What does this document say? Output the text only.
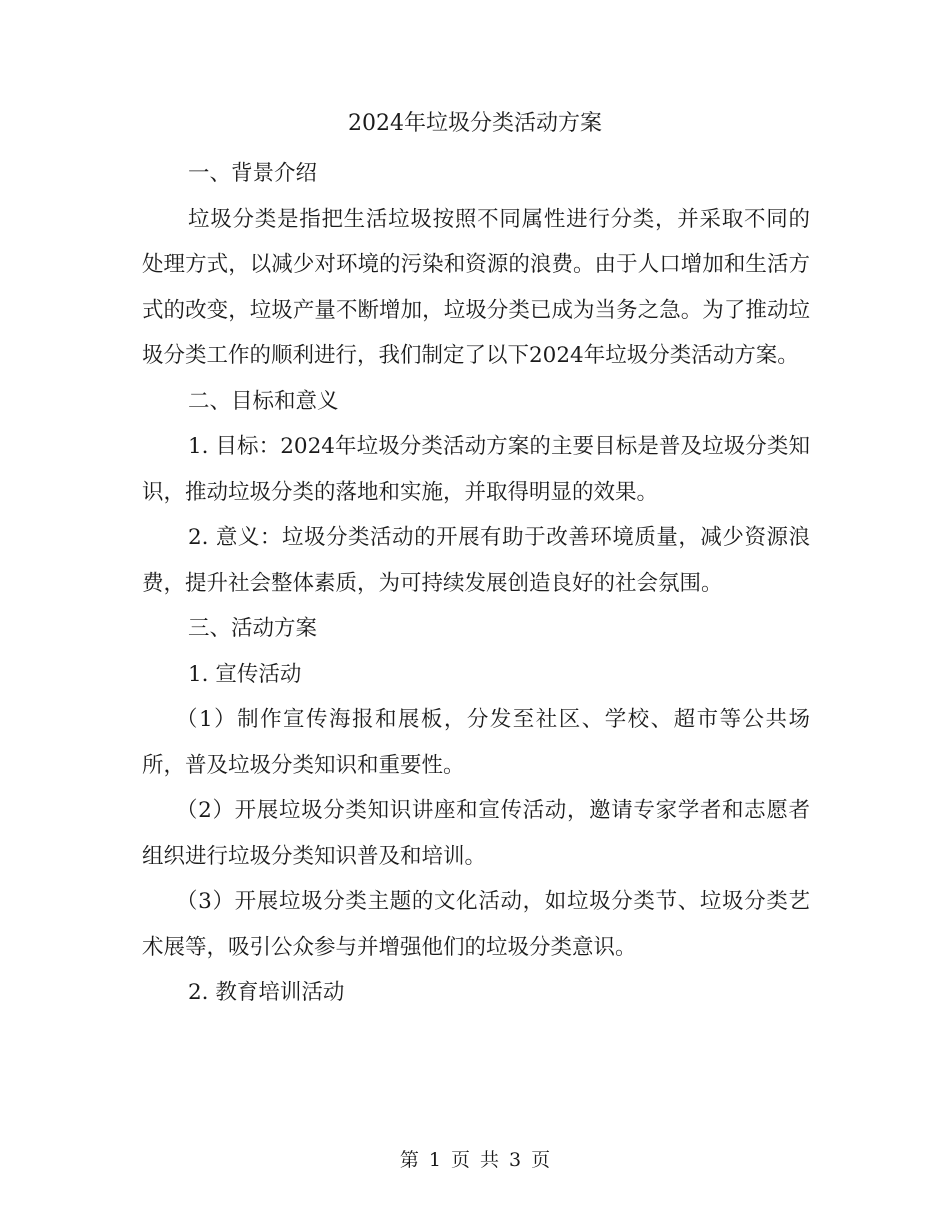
2024年垃圾分类活动方案

一、背景介绍

垃圾分类是指把生活垃圾按照不同属性进行分类，并采取不同的处理方式，以减少对环境的污染和资源的浪费。由于人口增加和生活方式的改变，垃圾产量不断增加，垃圾分类已成为当务之急。为了推动垃圾分类工作的顺利进行，我们制定了以下2024年垃圾分类活动方案。

二、目标和意义

1. 目标：2024年垃圾分类活动方案的主要目标是普及垃圾分类知识，推动垃圾分类的落地和实施，并取得明显的效果。

2. 意义：垃圾分类活动的开展有助于改善环境质量，减少资源浪费，提升社会整体素质，为可持续发展创造良好的社会氛围。

三、活动方案

1. 宣传活动

（1）制作宣传海报和展板，分发至社区、学校、超市等公共场所，普及垃圾分类知识和重要性。

（2）开展垃圾分类知识讲座和宣传活动，邀请专家学者和志愿者组织进行垃圾分类知识普及和培训。

（3）开展垃圾分类主题的文化活动，如垃圾分类节、垃圾分类艺术展等，吸引公众参与并增强他们的垃圾分类意识。

2. 教育培训活动

第 1 页 共 3 页
